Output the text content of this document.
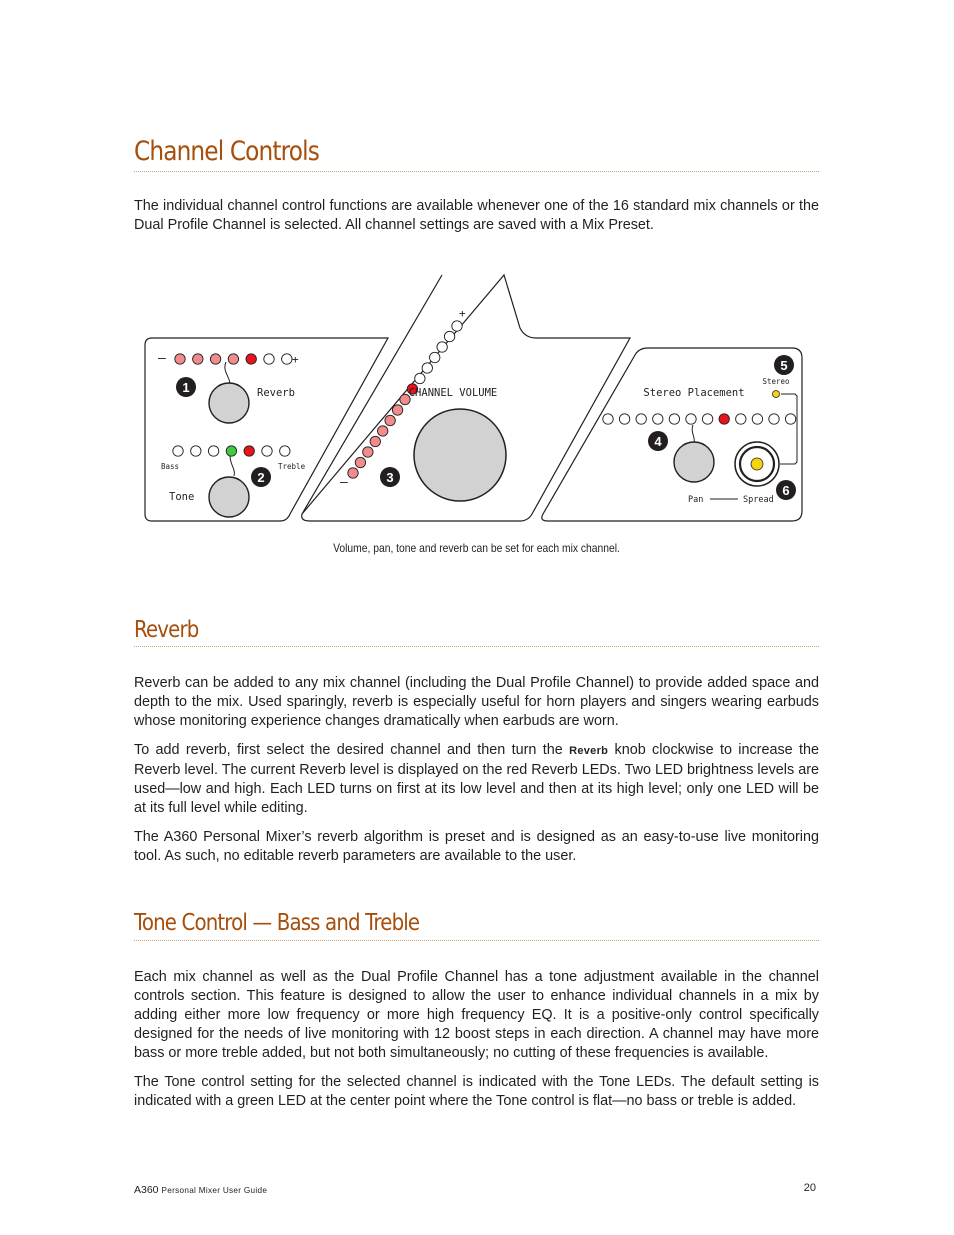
Channel Controls

The individual channel control functions are available whenever one of the 16 standard mix channels or the Dual Profile Channel is selected. All channel settings are saved with a Mix Preset.

–	+
Reverb
1
Bass	Treble
Tone
2
+
–
CHANNEL VOLUME
3
Stereo Placement
5
Stereo
4
Pan	Spread
6
Volume, pan, tone and reverb can be set for each mix channel.
Reverb

Reverb can be added to any mix channel (including the Dual Profile Channel) to provide added space and depth to the mix. Used sparingly, reverb is especially useful for horn players and singers wearing earbuds whose monitoring experience changes dramatically when earbuds are worn.

To add reverb, first select the desired channel and then turn the Reverb knob clockwise to increase the Reverb level. The current Reverb level is displayed on the red Reverb LEDs. Two LED brightness levels are used—low and high. Each LED turns on first at its low level and then at its high level; only one LED will be at its full level while editing.

The A360 Personal Mixer’s reverb algorithm is preset and is designed as an easy-to-use live monitoring tool. As such, no editable reverb parameters are available to the user.

Tone Control — Bass and Treble

Each mix channel as well as the Dual Profile Channel has a tone adjustment available in the channel controls section. This feature is designed to allow the user to enhance individual channels in a mix by adding either more low frequency or more high frequency EQ. It is a positive-only control specifically designed for the needs of live monitoring with 12 boost steps in each direction. A channel may have more bass or more treble added, but not both simultaneously; no cutting of these frequencies is available.

The Tone control setting for the selected channel is indicated with the Tone LEDs. The default setting is indicated with a green LED at the center point where the Tone control is flat—no bass or treble is added.

A360 Personal Mixer User Guide	20
